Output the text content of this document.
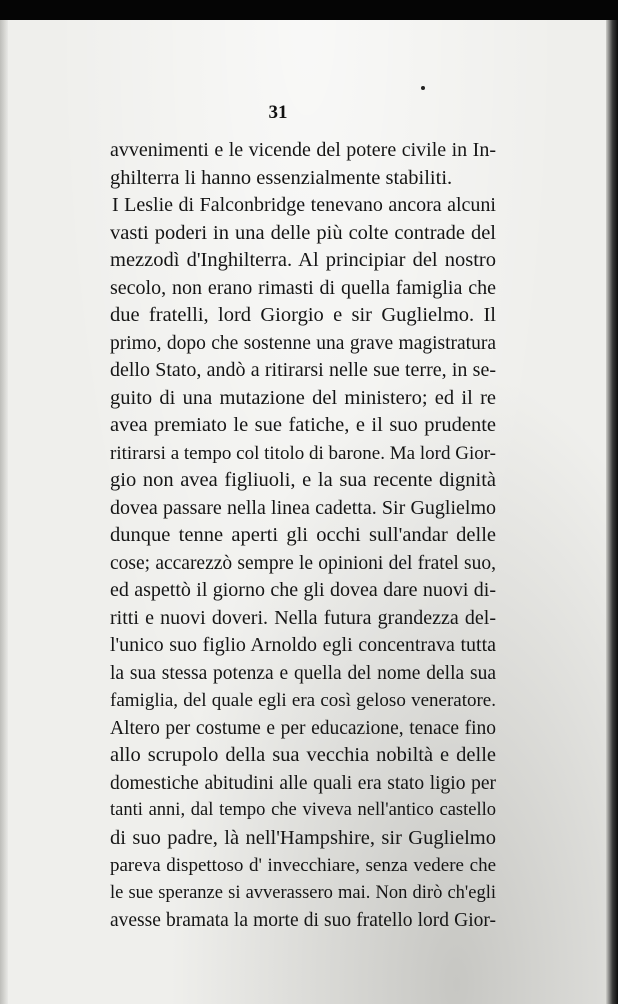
31
avvenimenti e le vicende del potere civile in In-
ghilterra li hanno essenzialmente stabiliti.
I Leslie di Falconbridge tenevano ancora alcuni
vasti poderi in una delle più colte contrade del
mezzodì d'Inghilterra. Al principiar del nostro
secolo, non erano rimasti di quella famiglia che
due fratelli, lord Giorgio e sir Guglielmo. Il
primo, dopo che sostenne una grave magistratura
dello Stato, andò a ritirarsi nelle sue terre, in se-
guito di una mutazione del ministero; ed il re
avea premiato le sue fatiche, e il suo prudente
ritirarsi a tempo col titolo di barone. Ma lord Gior-
gio non avea figliuoli, e la sua recente dignità
dovea passare nella linea cadetta. Sir Guglielmo
dunque tenne aperti gli occhi sull'andar delle
cose; accarezzò sempre le opinioni del fratel suo,
ed aspettò il giorno che gli dovea dare nuovi di-
ritti e nuovi doveri. Nella futura grandezza del-
l'unico suo figlio Arnoldo egli concentrava tutta
la sua stessa potenza e quella del nome della sua
famiglia, del quale egli era così geloso veneratore.
Altero per costume e per educazione, tenace fino
allo scrupolo della sua vecchia nobiltà e delle
domestiche abitudini alle quali era stato ligio per
tanti anni, dal tempo che viveva nell'antico castello
di suo padre, là nell'Hampshire, sir Guglielmo
pareva dispettoso d' invecchiare, senza vedere che
le sue speranze si avverassero mai. Non dirò ch'egli
avesse bramata la morte di suo fratello lord Gior-
